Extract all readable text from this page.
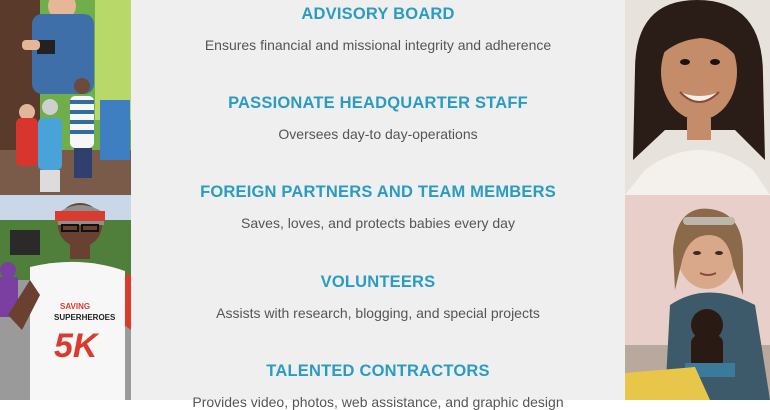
SAVING
SUPERHEROES
5K
ADVISORY BOARD

Ensures financial and missional integrity and adherence

PASSIONATE HEADQUARTER STAFF

Oversees day-to day-operations

FOREIGN PARTNERS AND TEAM MEMBERS

Saves, loves, and protects babies every day

VOLUNTEERS

Assists with research, blogging, and special projects

TALENTED CONTRACTORS

Provides video, photos, web assistance, and graphic design
